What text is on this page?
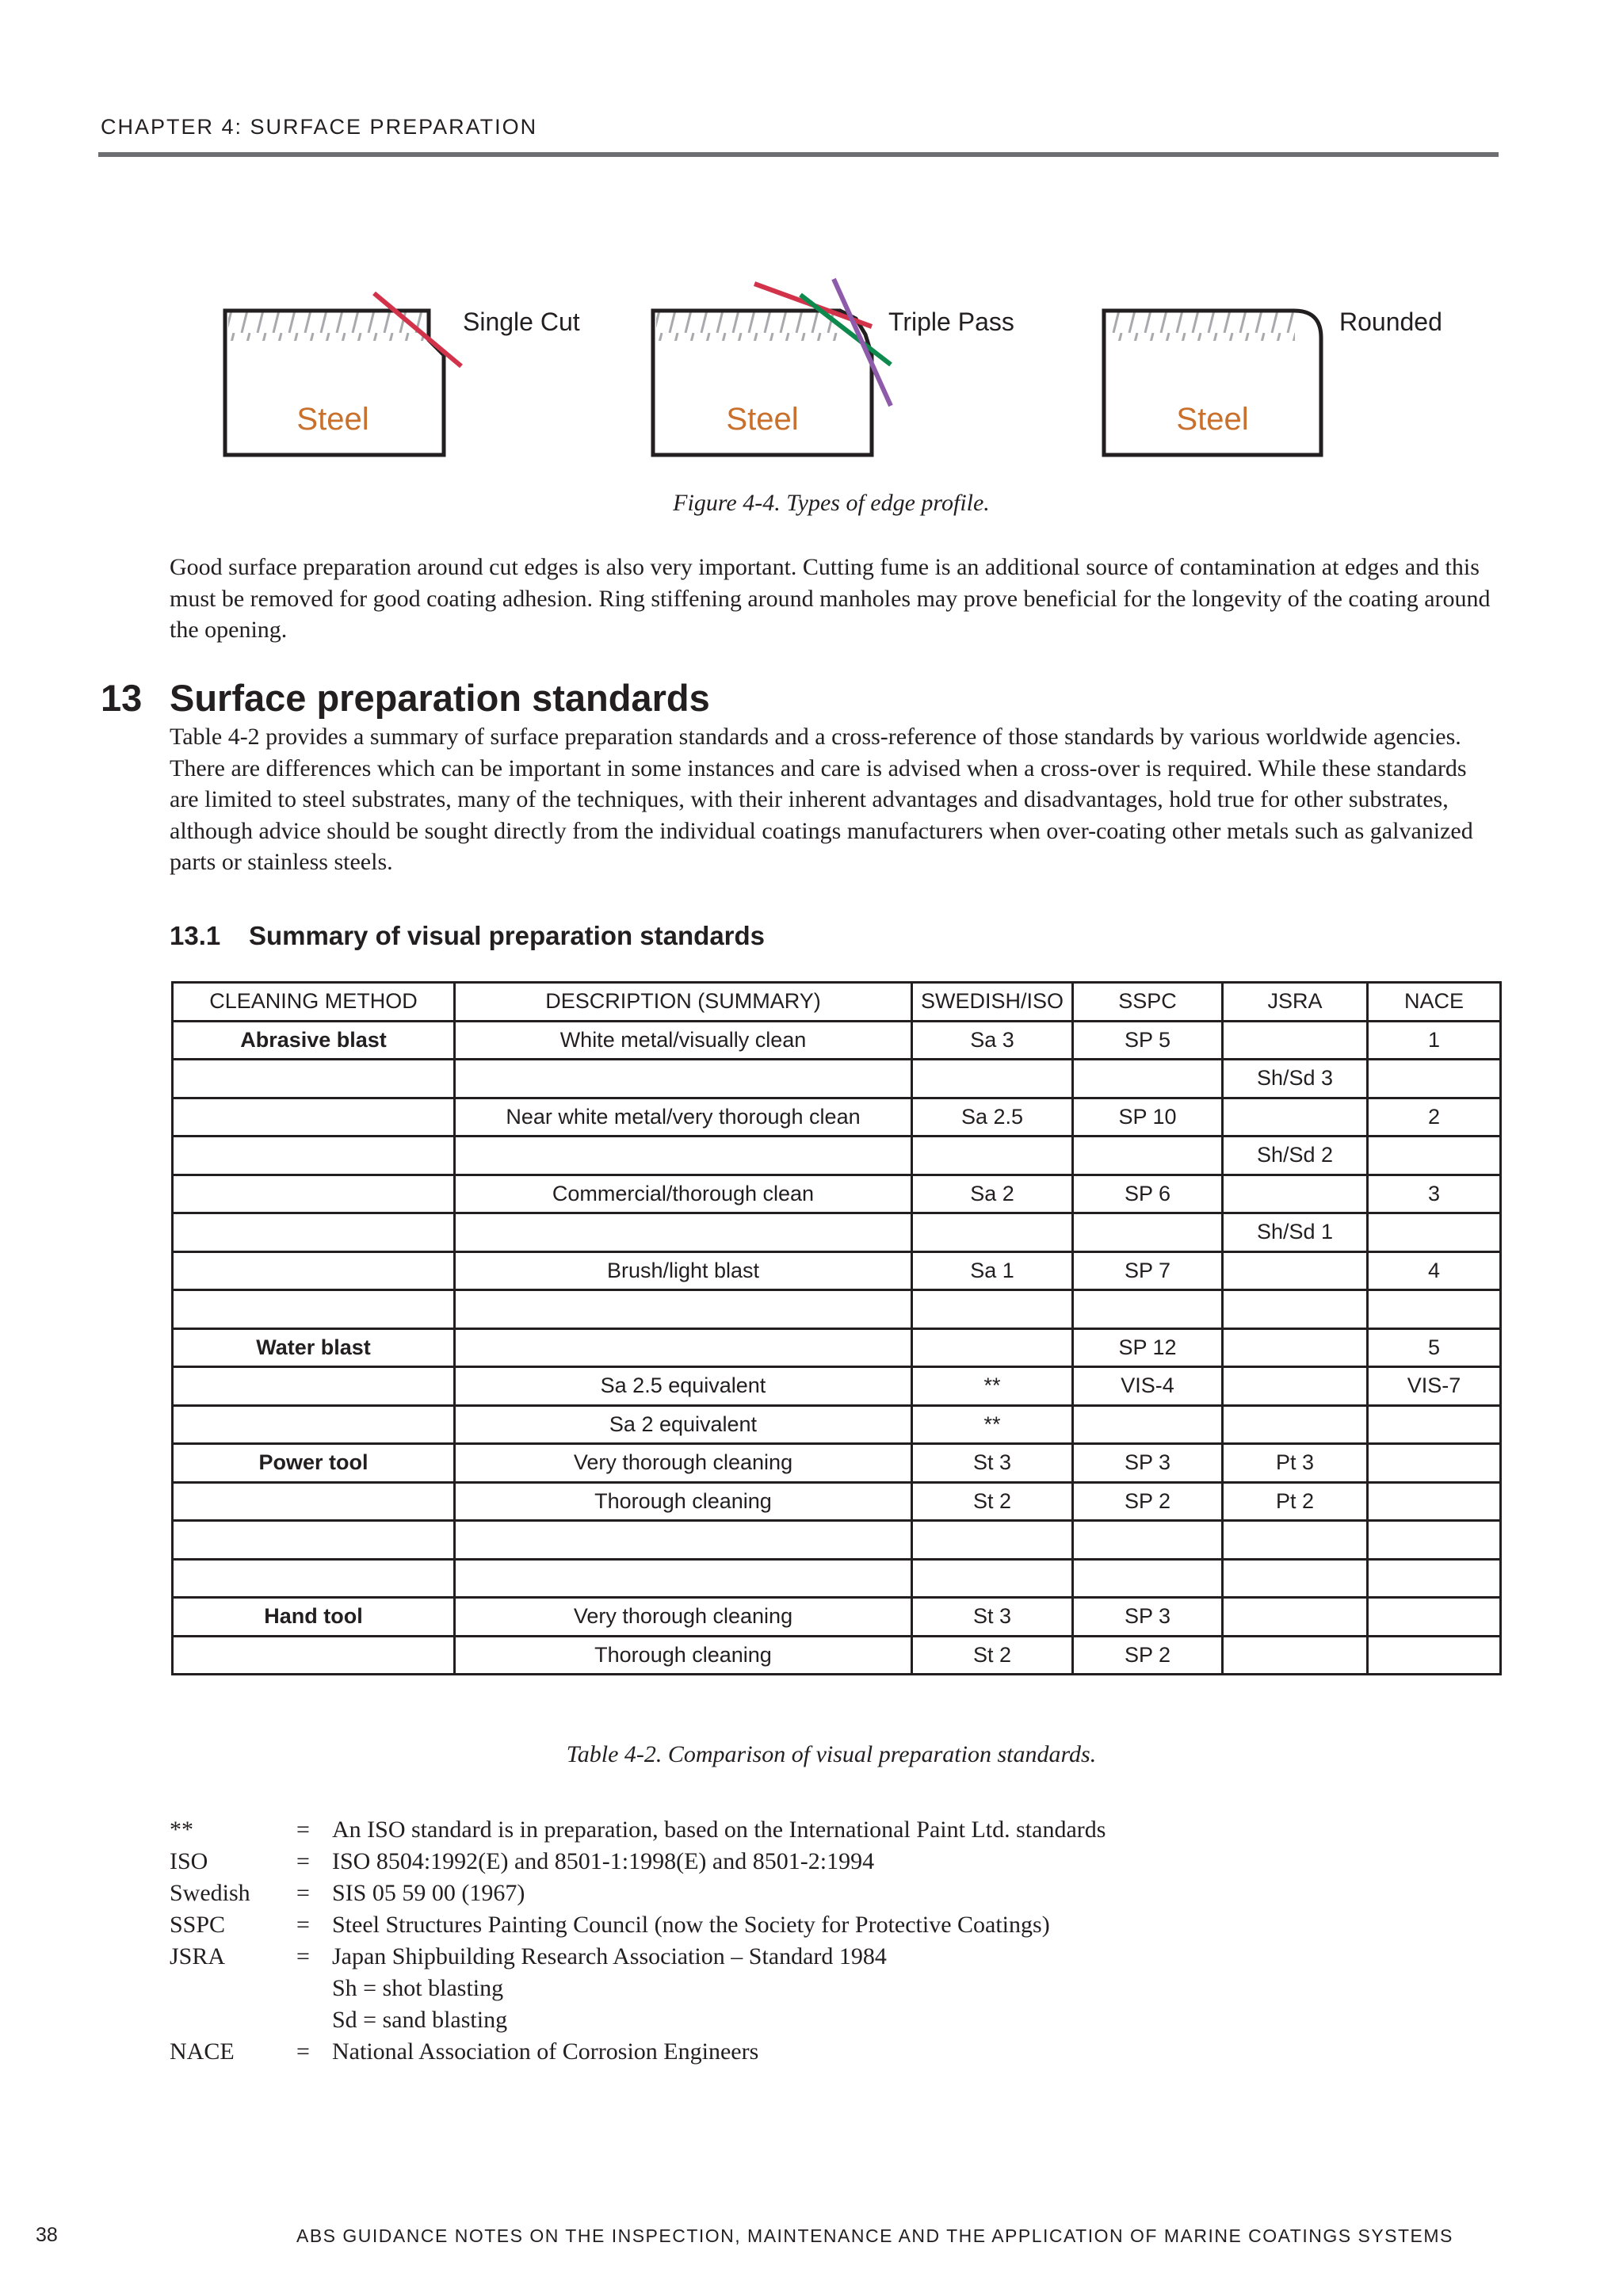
CHAPTER 4: SURFACE PREPARATION
Single Cut
Steel
Triple Pass
Steel
Rounded
Steel
Figure 4-4. Types of edge profile.
Good surface preparation around cut edges is also very important. Cutting fume is an additional source of contamination at edges and this must be removed for good coating adhesion. Ring stiffening around manholes may prove beneficial for the longevity of the coating around the opening.
13 Surface preparation standards
Table 4-2 provides a summary of surface preparation standards and a cross-reference of those standards by various worldwide agencies. There are differences which can be important in some instances and care is advised when a cross-over is required. While these standards are limited to steel substrates, many of the techniques, with their inherent advantages and disadvantages, hold true for other substrates, although advice should be sought directly from the individual coatings manufacturers when over-coating other metals such as galvanized parts or stainless steels.
13.1 Summary of visual preparation standards
CLEANING METHOD	DESCRIPTION (SUMMARY)	SWEDISH/ISO	SSPC	JSRA	NACE
Abrasive blast	White metal/visually clean	Sa 3	SP 5		1
				Sh/Sd 3	
	Near white metal/very thorough clean	Sa 2.5	SP 10		2
				Sh/Sd 2	
	Commercial/thorough clean	Sa 2	SP 6		3
				Sh/Sd 1	
	Brush/light blast	Sa 1	SP 7		4

Water blast			SP 12		5
	Sa 2.5 equivalent	**	VIS-4		VIS-7
	Sa 2 equivalent	**			
Power tool	Very thorough cleaning	St 3	SP 3	Pt 3	
	Thorough cleaning	St 2	SP 2	Pt 2	

Hand tool	Very thorough cleaning	St 3	SP 3		
	Thorough cleaning	St 2	SP 2		
Table 4-2. Comparison of visual preparation standards.
**	= An ISO standard is in preparation, based on the International Paint Ltd. standards
ISO	= ISO 8504:1992(E) and 8501-1:1998(E) and 8501-2:1994
Swedish = SIS 05 59 00 (1967)
SSPC	= Steel Structures Painting Council (now the Society for Protective Coatings)
JSRA	= Japan Shipbuilding Research Association – Standard 1984
Sh = shot blasting
Sd = sand blasting
NACE	= National Association of Corrosion Engineers
38	ABS GUIDANCE NOTES ON THE INSPECTION, MAINTENANCE AND THE APPLICATION OF MARINE COATINGS SYSTEMS
